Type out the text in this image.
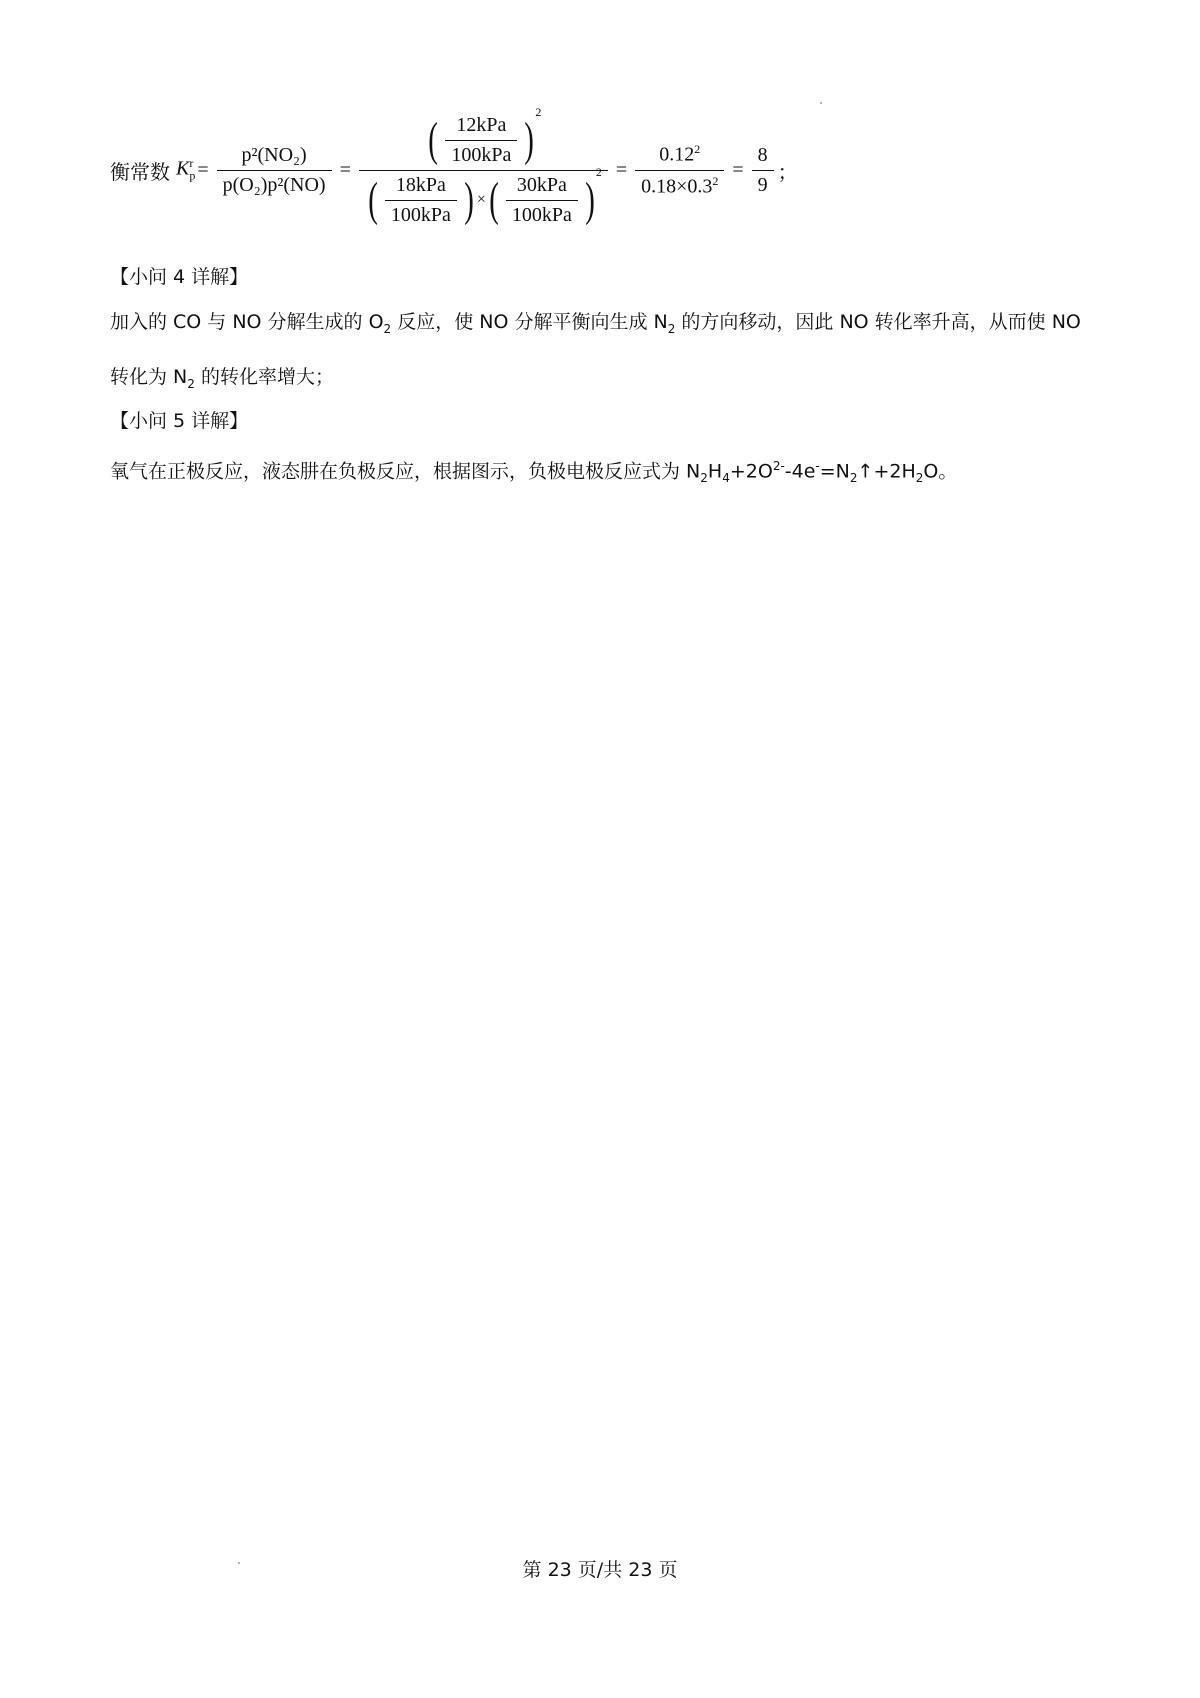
衡常数 $K_p^r = \frac{\text{p²(NO₂)}}{\text{p(O₂)p²(NO)}}$ =
( $\frac{\text{12kPa}}{\text{100kPa}}$ )
$^2$
( $\frac{\text{18kPa}}{\text{100kPa}}$ ) × ( $\frac{\text{30kPa}}{\text{100kPa}}$ )
$^2 = \frac{0.12^2}{0.18\times 0.3^2} = \frac{8}{9}$ ；
【小问 4 详解】
加入的 CO 与 NO 分解生成的 $O_2$ 反应，使 NO 分解平衡向生成 $N_2$ 的方向移动，因此 NO 转化率升高，从而使 NO 转化为 $N_2$ 的转化率增大；
【小问 5 详解】
氧气在正极反应，液态肼在负极反应，根据图示，负极电极反应式为 $N_2H_4+2O^{2-}-4e^-=N_2↑+2H_2O$。
第 23 页/共 23 页
